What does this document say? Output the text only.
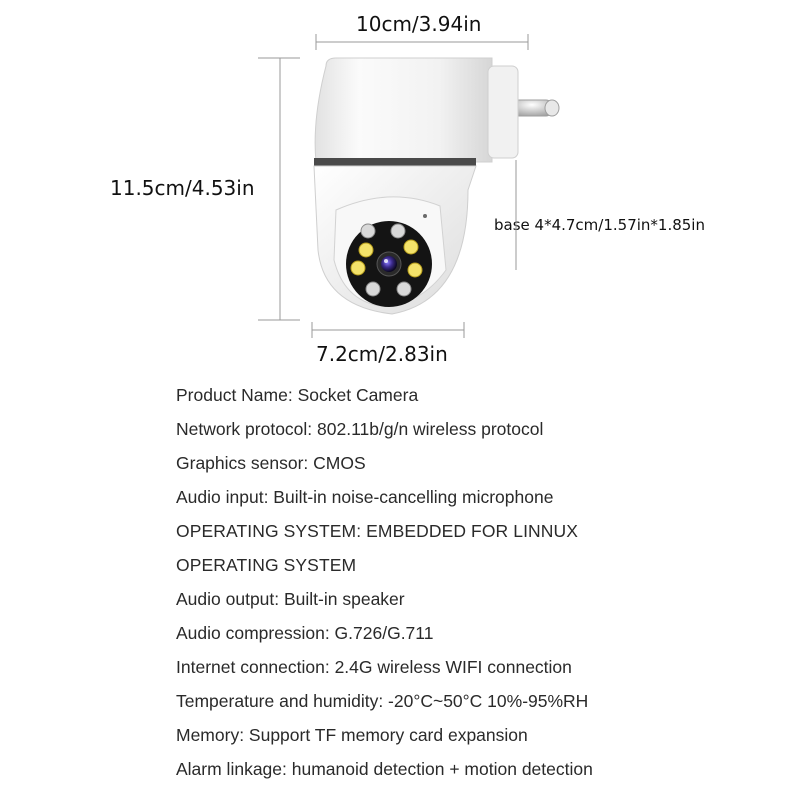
10cm/3.94in
11.5cm/4.53in
7.2cm/2.83in
base 4*4.7cm/1.57in*1.85in
Product Name: Socket Camera
Network protocol: 802.11b/g/n wireless protocol
Graphics sensor: CMOS
Audio input: Built-in noise-cancelling microphone
OPERATING SYSTEM: EMBEDDED FOR LINNUX
OPERATING SYSTEM
Audio output: Built-in speaker
Audio compression: G.726/G.711
Internet connection: 2.4G wireless WIFI connection
Temperature and humidity: -20°C~50°C 10%-95%RH
Memory: Support TF memory card expansion
Alarm linkage: humanoid detection + motion detection
